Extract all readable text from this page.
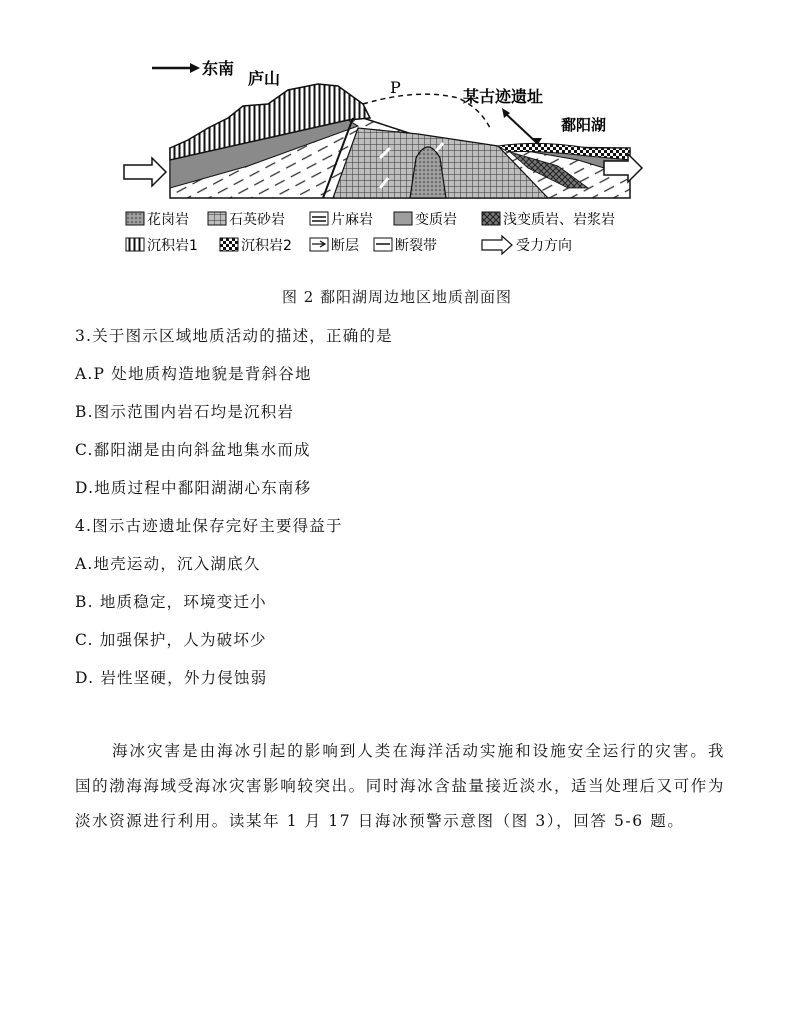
东南
庐山	P	某古迹遗址
鄱阳湖
花岗岩	石英砂岩	片麻岩	变质岩	浅变质岩、岩浆岩
沉积岩1	沉积岩2	断层	断裂带	受力方向
图 2 鄱阳湖周边地区地质剖面图
3.关于图示区域地质活动的描述，正确的是
A.P 处地质构造地貌是背斜谷地
B.图示范围内岩石均是沉积岩
C.鄱阳湖是由向斜盆地集水而成
D.地质过程中鄱阳湖湖心东南移
4.图示古迹遗址保存完好主要得益于
A.地壳运动，沉入湖底久
B. 地质稳定，环境变迁小
C. 加强保护，人为破坏少
D. 岩性坚硬，外力侵蚀弱
海冰灾害是由海冰引起的影响到人类在海洋活动实施和设施安全运行的灾害。我国的渤海海域受海冰灾害影响较突出。同时海冰含盐量接近淡水，适当处理后又可作为淡水资源进行利用。读某年 1 月 17 日海冰预警示意图（图 3），回答 5-6 题。
